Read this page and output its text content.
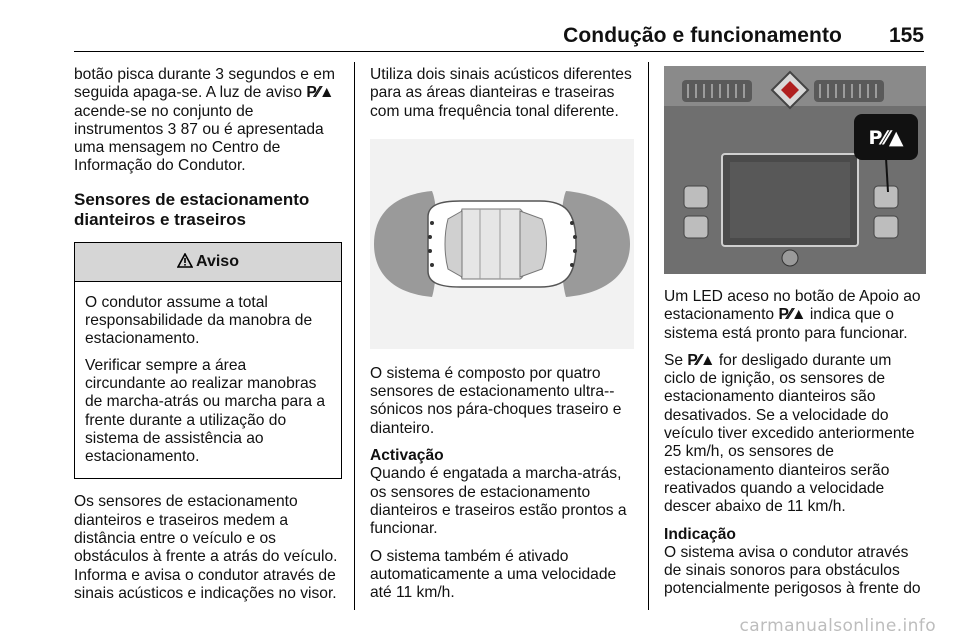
Condução e funcionamento 155

botão pisca durante 3 segundos e em seguida apaga-se. A luz de aviso P⁄⁄▲ acende-se no conjunto de instrumentos 3 87 ou é apresentada uma mensagem no Centro de Informação do Condutor.

Sensores de estacionamento dianteiros e traseiros
Aviso

O condutor assume a total responsabilidade da manobra de estacionamento.

Verificar sempre a área circundante ao realizar manobras de marcha-atrás ou marcha para a frente durante a utilização do sistema de assistência ao estacionamento.

Os sensores de estacionamento dianteiros e traseiros medem a distância entre o veículo e os obstáculos à frente a atrás do veículo. Informa e avisa o condutor através de sinais acústicos e indicações no visor.

Utiliza dois sinais acústicos diferentes para as áreas dianteiras e traseiras com uma frequência tonal diferente.

O sistema é composto por quatro sensores de estacionamento ultra--sónicos nos pára-choques traseiro e dianteiro.

Activação

Quando é engatada a marcha-atrás, os sensores de estacionamento dianteiros e traseiros estão prontos a funcionar.

O sistema também é ativado automaticamente a uma velocidade até 11 km/h.

P⁄⁄▲

Um LED aceso no botão de Apoio ao estacionamento P⁄⁄▲ indica que o sistema está pronto para funcionar.

Se P⁄⁄▲ for desligado durante um ciclo de ignição, os sensores de estacionamento dianteiros são desativados. Se a velocidade do veículo tiver excedido anteriormente 25 km/h, os sensores de estacionamento dianteiros serão reativados quando a velocidade descer abaixo de 11 km/h.

Indicação

O sistema avisa o condutor através de sinais sonoros para obstáculos potencialmente perigosos à frente do

carmanualsonline.info
